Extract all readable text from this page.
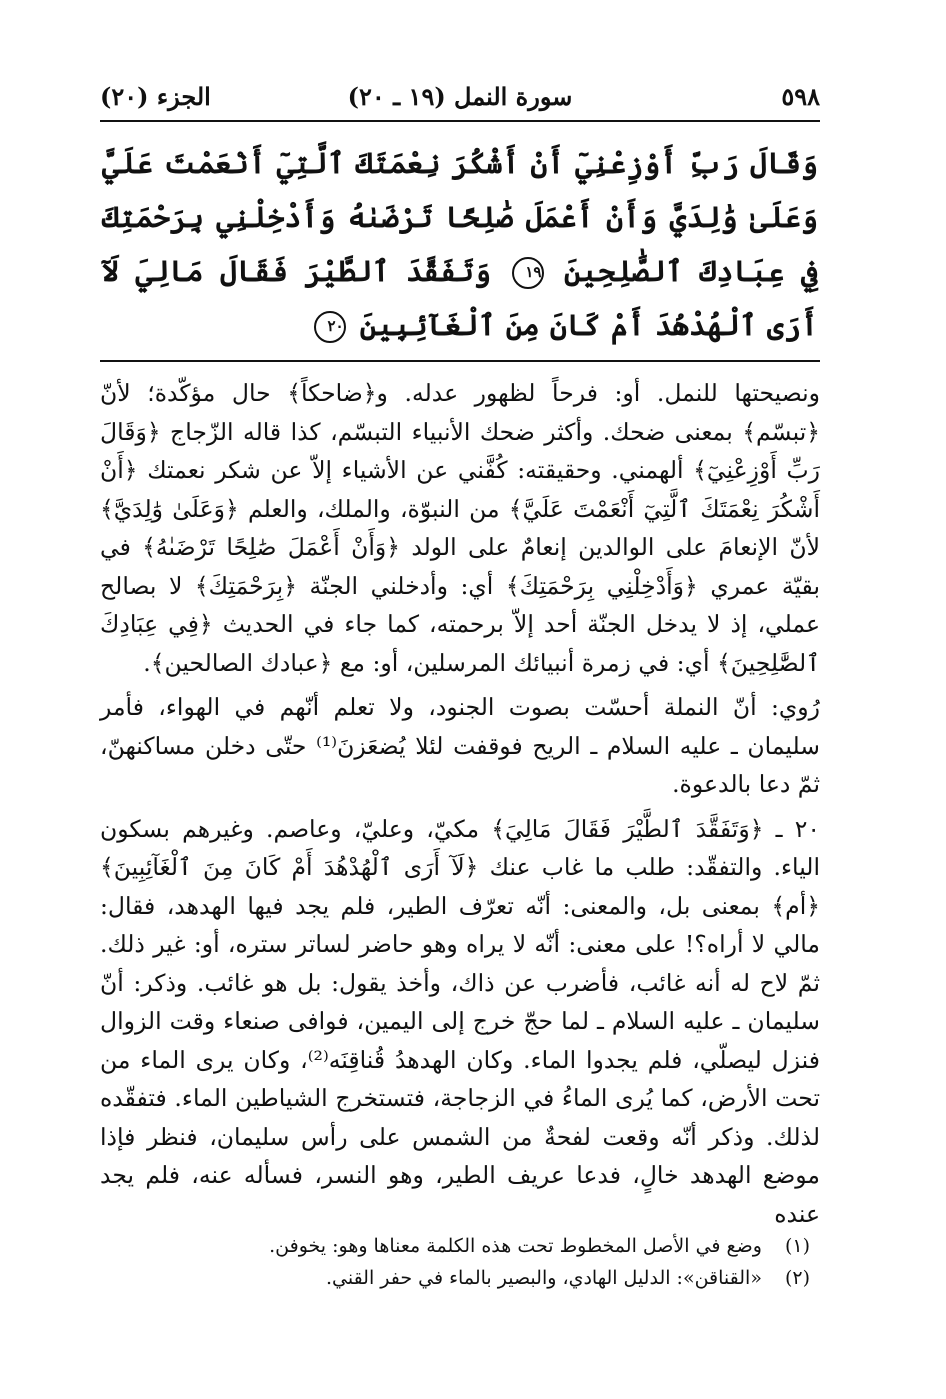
٥٩٨
سورة النمل (١٩ ـ ٢٠)
الجزء (٢٠)
وَقَالَ رَبِّ أَوْزِعْنِيٓ أَنْ أَشْكُرَ نِعْمَتَكَ ٱلَّتِيٓ أَنْعَمْتَ عَلَيَّ وَعَلَىٰ وَٰلِدَيَّ وَأَنْ أَعْمَلَ صَٰلِحًا تَرْضَىٰهُ وَأَدْخِلْنِي بِرَحْمَتِكَ فِي عِبَادِكَ ٱلصَّٰلِحِينَ ١٩ وَتَفَقَّدَ ٱلطَّيْرَ فَقَالَ مَالِيَ لَآ أَرَى ٱلْهُدْهُدَ أَمْ كَانَ مِنَ ٱلْغَآئِبِينَ ٢٠

ونصيحتها للنمل. أو: فرحاً لظهور عدله. و﴿ضاحكاً﴾ حال مؤكّدة؛ لأنّ ﴿تبسّم﴾ بمعنى ضحك. وأكثر ضحك الأنبياء التبسّم، كذا قاله الزّجاج ﴿وَقَالَ رَبِّ أَوْزِعْنِيٓ﴾ ألهمني. وحقيقته: كُفَّني عن الأشياء إلاّ عن شكر نعمتك ﴿أَنْ أَشْكُرَ نِعْمَتَكَ ٱلَّتِيٓ أَنْعَمْتَ عَلَيَّ﴾ من النبوّة، والملك، والعلم ﴿وَعَلَىٰ وَٰلِدَيَّ﴾ لأنّ الإنعامَ على الوالدين إنعامٌ على الولد ﴿وَأَنْ أَعْمَلَ صَٰلِحًا تَرْضَىٰهُ﴾ في بقيّة عمري ﴿وَأَدْخِلْنِي بِرَحْمَتِكَ﴾ أي: وأدخلني الجنّة ﴿بِرَحْمَتِكَ﴾ لا بصالح عملي، إذ لا يدخل الجنّة أحد إلاّ برحمته، كما جاء في الحديث ﴿فِي عِبَادِكَ ٱلصَّٰلِحِينَ﴾ أي: في زمرة أنبيائك المرسلين، أو: مع ﴿عبادك الصالحين﴾.

رُوي: أنّ النملة أحسّت بصوت الجنود، ولا تعلم أنّهم في الهواء، فأمر سليمان ـ عليه السلام ـ الريح فوقفت لئلا يُضعَزنَ⁽¹⁾ حتّى دخلن مساكنهنّ، ثمّ دعا بالدعوة.

٢٠ ـ ﴿وَتَفَقَّدَ ٱلطَّيْرَ فَقَالَ مَالِيَ﴾ مكيّ، وعليّ، وعاصم. وغيرهم بسكون الياء. والتفقّد: طلب ما غاب عنك ﴿لَآ أَرَى ٱلْهُدْهُدَ أَمْ كَانَ مِنَ ٱلْغَآئِبِينَ﴾ ﴿أم﴾ بمعنى بل، والمعنى: أنّه تعرّف الطير، فلم يجد فيها الهدهد، فقال: مالي لا أراه؟! على معنى: أنّه لا يراه وهو حاضر لساتر ستره، أو: غير ذلك. ثمّ لاح له أنه غائب، فأضرب عن ذاك، وأخذ يقول: بل هو غائب. وذكر: أنّ سليمان ـ عليه السلام ـ لما حجّ خرج إلى اليمين، فوافى صنعاء وقت الزوال فنزل ليصلّي، فلم يجدوا الماء. وكان الهدهدُ قُناقِنَه⁽²⁾، وكان يرى الماء من تحت الأرض، كما يُرى الماءُ في الزجاجة، فتستخرج الشياطين الماء. فتفقّده لذلك. وذكر أنّه وقعت لفحةٌ من الشمس على رأس سليمان، فنظر فإذا موضع الهدهد خالٍ، فدعا عريف الطير، وهو النسر، فسأله عنه، فلم يجد عنده

(١) وضع في الأصل المخطوط تحت هذه الكلمة معناها وهو: يخوفن.
(٢) «القناقن»: الدليل الهادي، والبصير بالماء في حفر القني.
